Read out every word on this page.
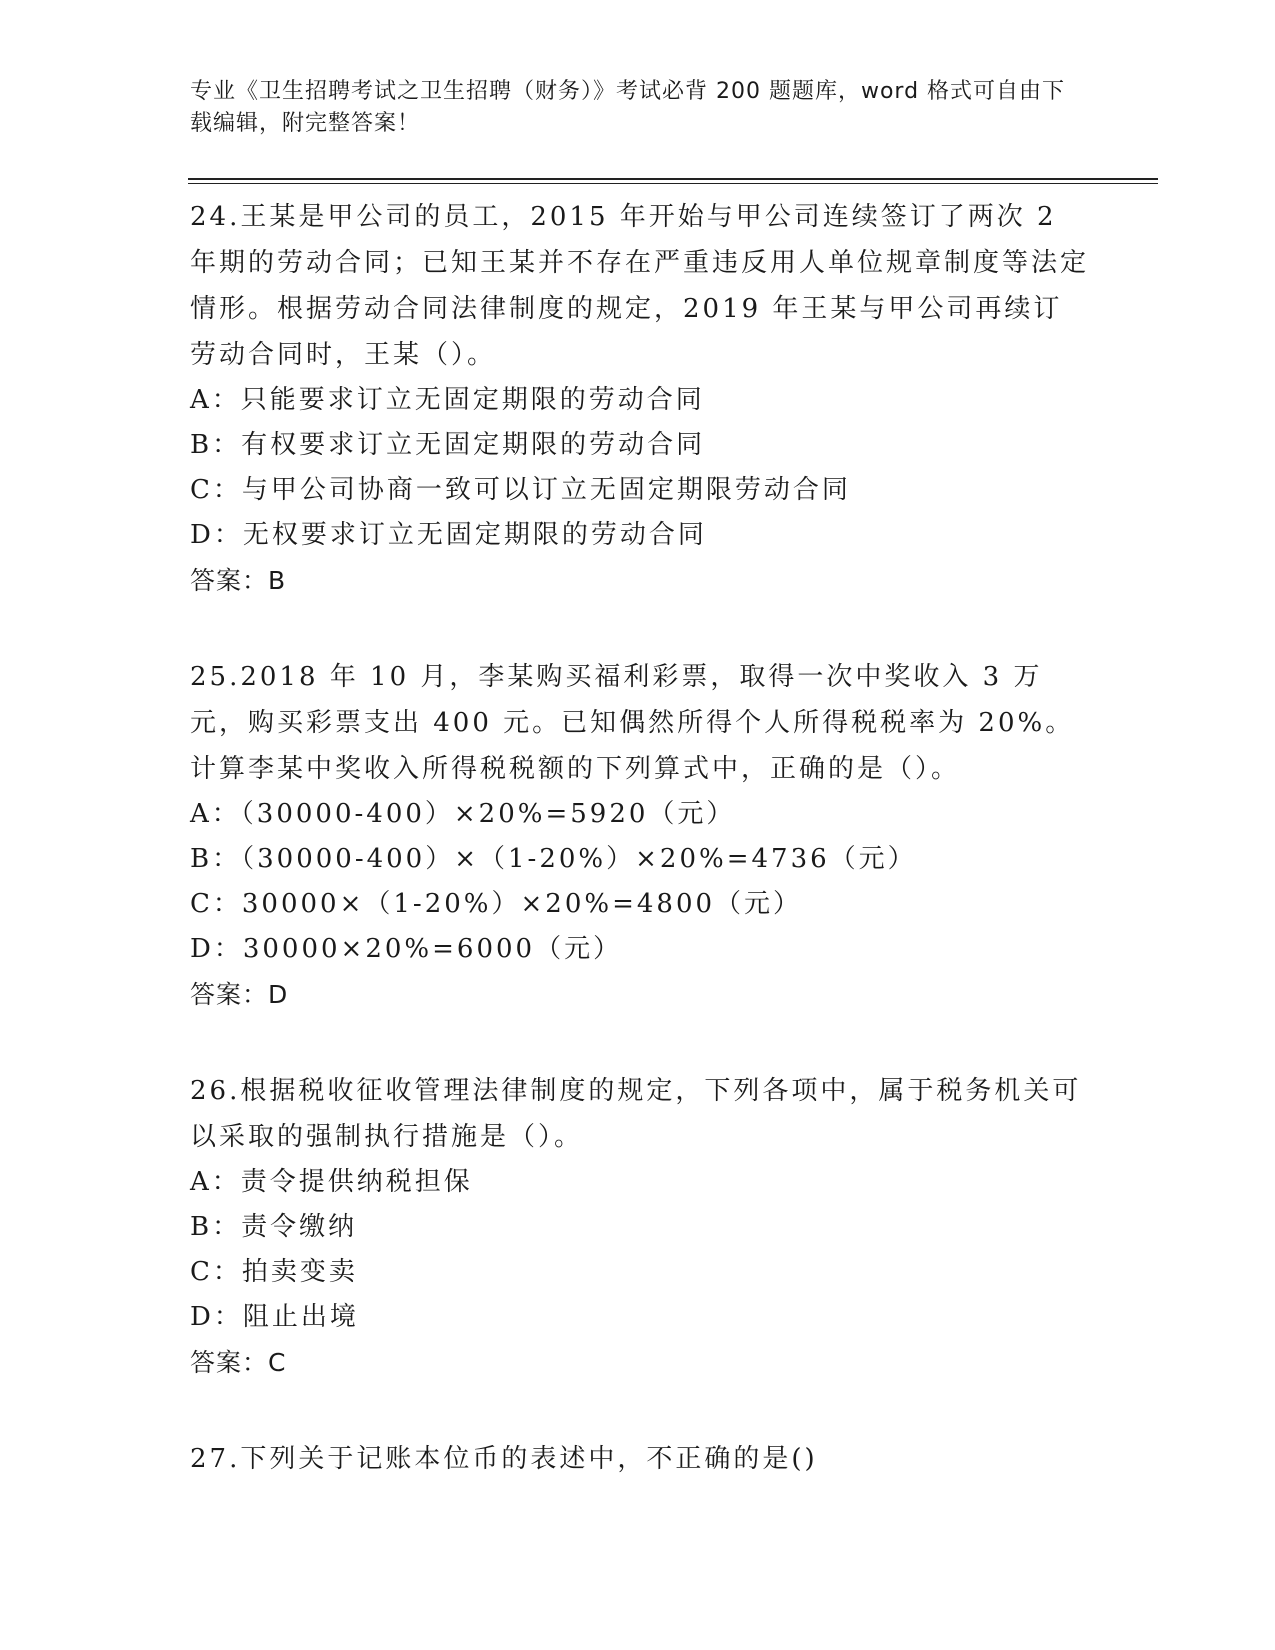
专业《卫生招聘考试之卫生招聘（财务）》考试必背 200 题题库，word 格式可自由下载编辑，附完整答案！

24.王某是甲公司的员工，2015 年开始与甲公司连续签订了两次 2 年期的劳动合同；已知王某并不存在严重违反用人单位规章制度等法定情形。根据劳动合同法律制度的规定，2019 年王某与甲公司再续订劳动合同时，王某（）。

A：只能要求订立无固定期限的劳动合同

B：有权要求订立无固定期限的劳动合同

C：与甲公司协商一致可以订立无固定期限劳动合同

D：无权要求订立无固定期限的劳动合同

答案：B

25.2018 年 10 月，李某购买福利彩票，取得一次中奖收入 3 万元，购买彩票支出 400 元。已知偶然所得个人所得税税率为 20%。计算李某中奖收入所得税税额的下列算式中，正确的是（）。

A：（30000-400）×20%=5920（元）

B：（30000-400）×（1-20%）×20%=4736（元）

C：30000×（1-20%）×20%=4800（元）

D：30000×20%=6000（元）

答案：D

26.根据税收征收管理法律制度的规定，下列各项中，属于税务机关可以采取的强制执行措施是（）。

A：责令提供纳税担保

B：责令缴纳

C：拍卖变卖

D：阻止出境

答案：C

27.下列关于记账本位币的表述中，不正确的是()
